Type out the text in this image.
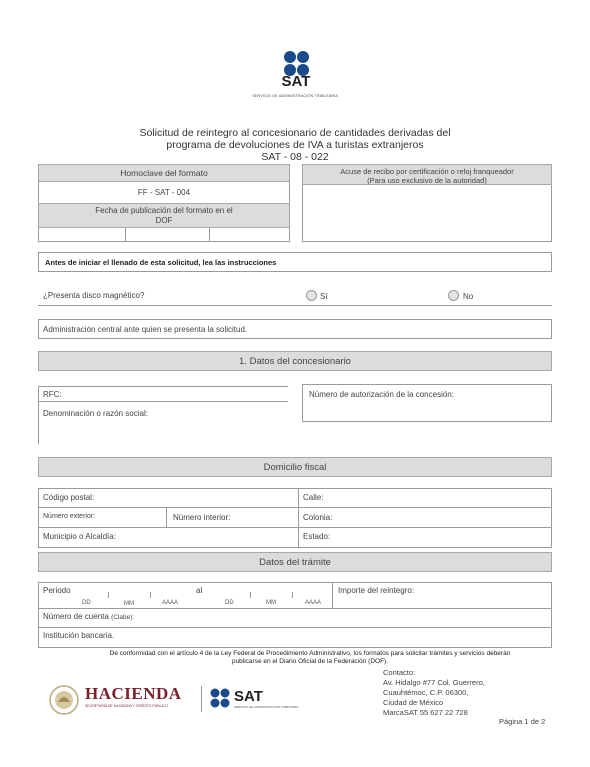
SAT
SERVICIO DE ADMINISTRACIÓN TRIBUTARIA
Solicitud de reintegro al concesionario de cantidades derivadas del
programa de devoluciones de IVA a turistas extranjeros
SAT - 08 - 022
Homoclave del formato
FF - SAT - 004
Fecha de publicación del formato en el
DOF
Acuse de recibo por certificación o reloj franqueador
(Para uso exclusivo de la autoridad)
Antes de iniciar el llenado de esta solicitud, lea las instrucciones
¿Presenta disco magnético?	Sí	No
Administración central ante quien se presenta la solicitud.
1. Datos del concesionario
RFC:
Denominación o razón social:
Número de autorización de la concesión:
Domicilio fiscal
Código postal:	Calle:
Número exterior:	Número interior:	Colonia:
Municipio o Alcaldía:	Estado:
Datos del trámite
Periodo	al
DD	MM	AAAA	DD	MM	AAAA
Importe del reintegro:
Número de cuenta (Clabe):
Institución bancaria.
De conformidad con el artículo 4 de la Ley Federal de Procedimiento Administrativo, los formatos para solicitar trámites y servicios deberán
publicarse en el Diario Oficial de la Federación (DOF).
HACIENDA
SECRETARÍA DE HACIENDA Y CRÉDITO PÚBLICO
SAT
SERVICIO DE ADMINISTRACIÓN TRIBUTARIA
Contacto:
Av. Hidalgo #77 Col. Guerrero,
Cuauhtémoc, C.P. 06300,
Ciudad de México
MarcaSAT 55 627 22 728
Página 1 de 2
